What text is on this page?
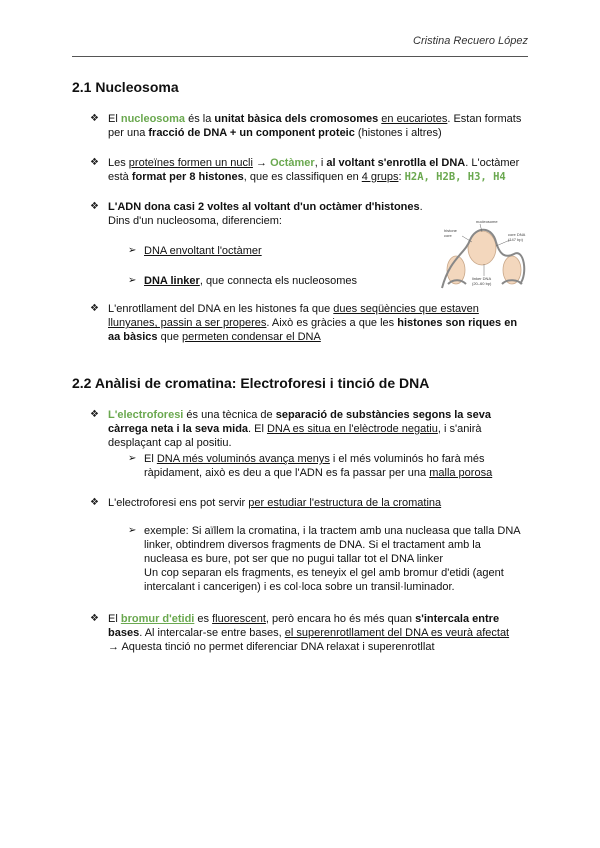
Cristina Recuero López
2.1 Nucleosoma
❖ El nucleosoma és la unitat bàsica dels cromosomes en eucariotes. Estan formats
per una fracció de DNA + un component proteic (histones i altres)
❖ Les proteïnes formen un nucli → Octàmer, i al voltant s'enrotlla el DNA. L'octàmer
està format per 8 histones, que es classifiquen en 4 grups: H2A, H2B, H3, H4
❖ L'ADN dona casi 2 voltes al voltant d'un octàmer d'histones.
Dins d'un nucleosoma, diferenciem:
➢ DNA envoltant l'octàmer
➢ DNA linker, que connecta els nucleosomes
nucleosome
histone
core	core DNA
(147 bp)
linker DNA
(20–60 bp)
❖ L'enrotllament del DNA en les histones fa que dues seqüències que estaven
llunyanes, passin a ser properes. Això es gràcies a que les histones son riques en
aa bàsics que permeten condensar el DNA
2.2 Anàlisi de cromatina: Electroforesi i tinció de DNA
❖ L'electroforesi és una tècnica de separació de substàncies segons la seva
càrrega neta i la seva mida. El DNA es situa en l'elèctrode negatiu, i s'anirà
desplaçant cap al positiu.
➢ El DNA més voluminós avança menys i el més voluminós ho farà més
ràpidament, això es deu a que l'ADN es fa passar per una malla porosa
❖ L'electroforesi ens pot servir per estudiar l'estructura de la cromatina
➢ exemple: Si aïllem la cromatina, i la tractem amb una nucleasa que talla DNA
linker, obtindrem diversos fragments de DNA. Si el tractament amb la
nucleasa es bure, pot ser que no pugui tallar tot el DNA linker
Un cop separan els fragments, es teneyix el gel amb bromur d'etidi (agent
intercalant i cancerigen) i es col·loca sobre un transil·luminador.
❖ El bromur d'etidi es fluorescent, però encara ho és més quan s'intercala entre
bases. Al intercalar-se entre bases, el superenrotllament del DNA es veurà afectat
→ Aquesta tinció no permet diferenciar DNA relaxat i superenrotllat
